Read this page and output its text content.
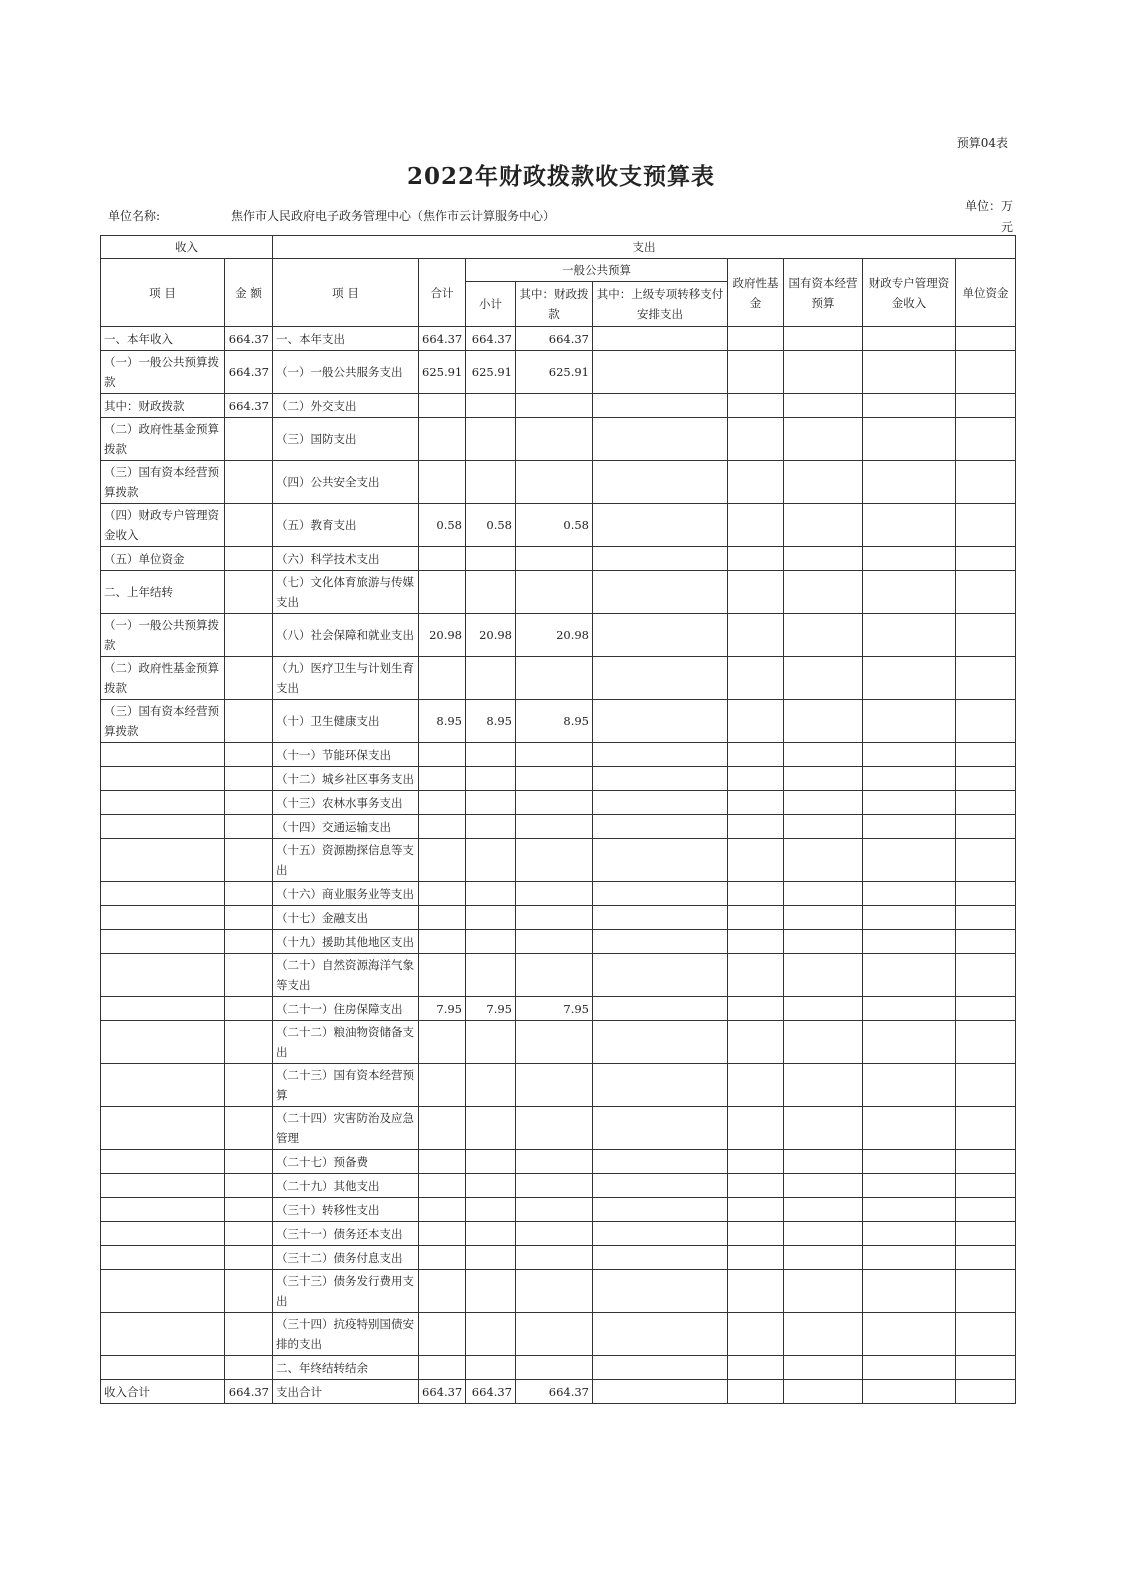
预算04表
2022年财政拨款收支预算表
单位名称:	焦作市人民政府电子政务管理中心（焦作市云计算服务中心）
单位：万元
收入		支出								
项 目	金 额	项 目	合计	一般公共预算			政府性基金	国有资本经营预算	财政专户管理资金收入	单位资金
				小计	其中：财政拨款	其中：上级专项转移支付安排支出				
一、本年收入	664.37	一、本年支出	664.37	664.37	664.37					
（一）一般公共预算拨款	664.37	（一）一般公共服务支出	625.91	625.91	625.91					
其中：财政拨款	664.37	（二）外交支出								
（二）政府性基金预算拨款		（三）国防支出								
（三）国有资本经营预算拨款		（四）公共安全支出								
（四）财政专户管理资金收入		（五）教育支出	0.58	0.58	0.58					
（五）单位资金		（六）科学技术支出								
二、上年结转		（七）文化体育旅游与传媒支出								
（一）一般公共预算拨款		（八）社会保障和就业支出	20.98	20.98	20.98					
（二）政府性基金预算拨款		（九）医疗卫生与计划生育支出								
（三）国有资本经营预算拨款		（十）卫生健康支出	8.95	8.95	8.95					
		（十一）节能环保支出								
		（十二）城乡社区事务支出								
		（十三）农林水事务支出								
		（十四）交通运输支出								
		（十五）资源勘探信息等支出								
		（十六）商业服务业等支出								
		（十七）金融支出								
		（十九）援助其他地区支出								
		（二十）自然资源海洋气象等支出								
		（二十一）住房保障支出	7.95	7.95	7.95					
		（二十二）粮油物资储备支出								
		（二十三）国有资本经营预算								
		（二十四）灾害防治及应急管理								
		（二十七）预备费								
		（二十九）其他支出								
		（三十）转移性支出								
		（三十一）债务还本支出								
		（三十二）债务付息支出								
		（三十三）债务发行费用支出								
		（三十四）抗疫特别国债安排的支出								
		二、年终结转结余								
收入合计	664.37	支出合计	664.37	664.37	664.37					
